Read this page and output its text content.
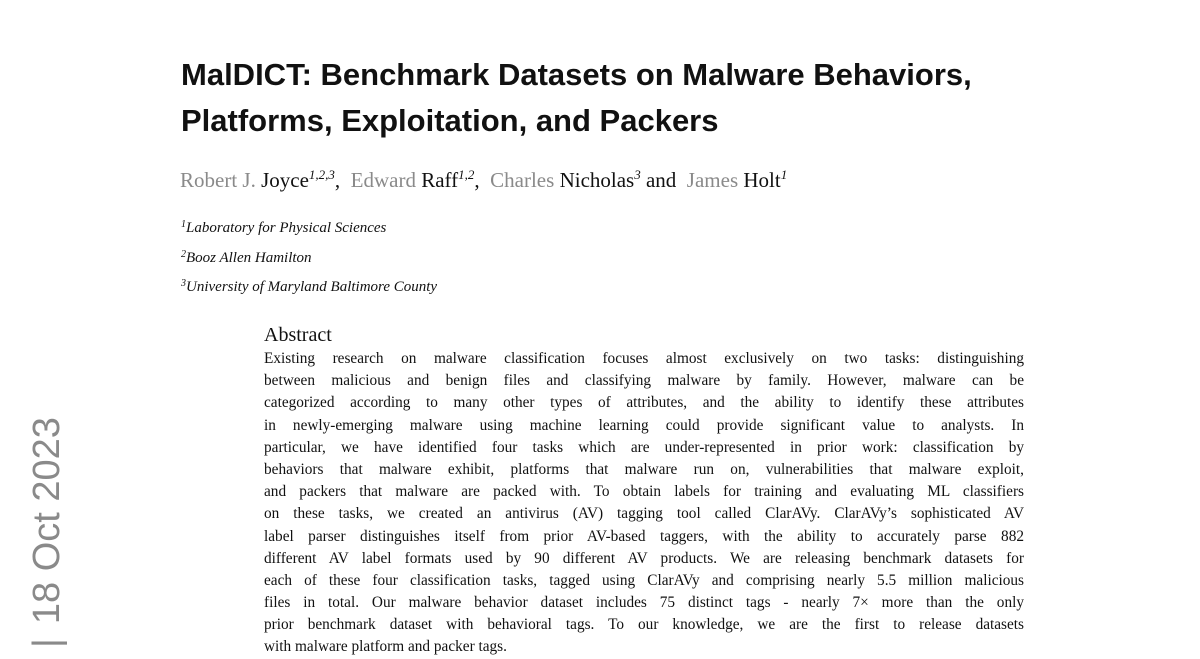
MalDICT: Benchmark Datasets on Malware Behaviors,
Platforms, Exploitation, and Packers
Robert J. Joyce$^{1,2,3}$, Edward Raff$^{1,2}$, Charles Nicholas$^3$ and James Holt$^1$
$^1$Laboratory for Physical Sciences
$^2$Booz Allen Hamilton
$^3$University of Maryland Baltimore County
Abstract
Existing research on malware classification focuses almost exclusively on two tasks: distinguishing
between malicious and benign files and classifying malware by family. However, malware can be
categorized according to many other types of attributes, and the ability to identify these attributes
in newly-emerging malware using machine learning could provide significant value to analysts. In
particular, we have identified four tasks which are under-represented in prior work: classification by
behaviors that malware exhibit, platforms that malware run on, vulnerabilities that malware exploit,
and packers that malware are packed with. To obtain labels for training and evaluating ML classifiers
on these tasks, we created an antivirus (AV) tagging tool called ClarAVy. ClarAVy’s sophisticated AV
label parser distinguishes itself from prior AV-based taggers, with the ability to accurately parse 882
different AV label formats used by 90 different AV products. We are releasing benchmark datasets for
each of these four classification tasks, tagged using ClarAVy and comprising nearly 5.5 million malicious
files in total. Our malware behavior dataset includes 75 distinct tags - nearly 7× more than the only
prior benchmark dataset with behavioral tags. To our knowledge, we are the first to release datasets
with malware platform and packer tags.
|18 Oct 2023
